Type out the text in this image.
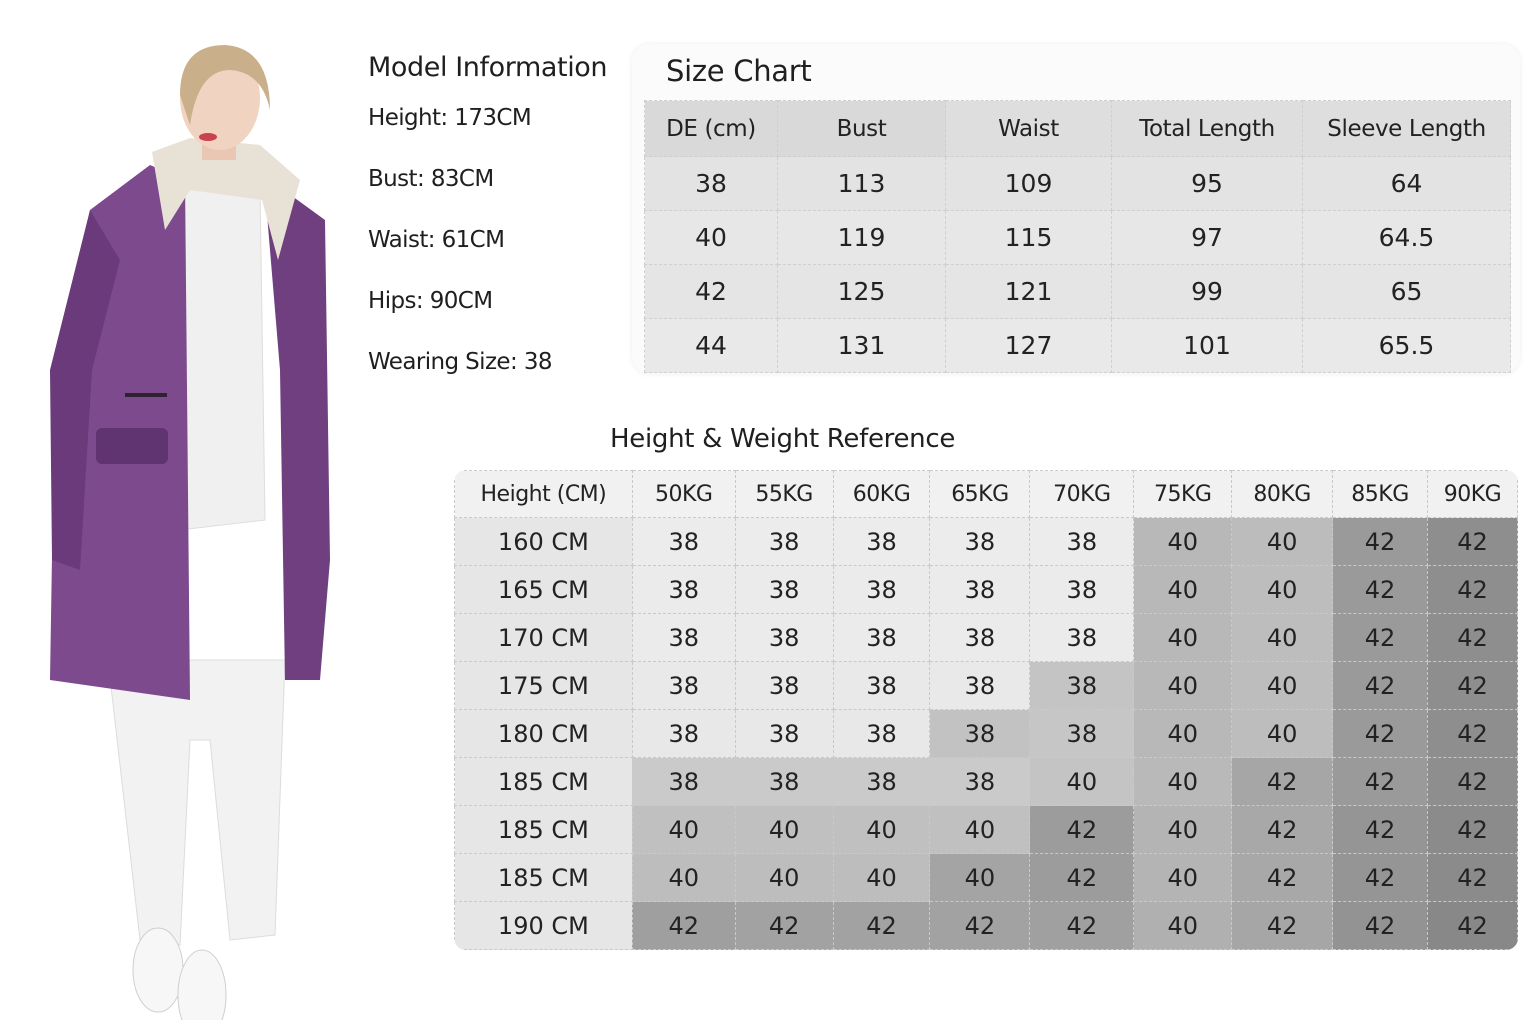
Model Information
Height: 173CM
Bust: 83CM
Waist: 61CM
Hips: 90CM
Wearing Size: 38
Size Chart
DE (cm)	Bust	Waist	Total Length	Sleeve Length
38	113	109	95	64
40	119	115	97	64.5
42	125	121	99	65
44	131	127	101	65.5
Height & Weight Reference
Height (CM)	50KG	55KG	60KG	65KG	70KG	75KG	80KG	85KG	90KG
160 CM	38	38	38	38	38	40	40	42	42
165 CM	38	38	38	38	38	40	40	42	42
170 CM	38	38	38	38	38	40	40	42	42
175 CM	38	38	38	38	38	40	40	42	42
180 CM	38	38	38	38	38	40	40	42	42
185 CM	38	38	38	38	40	40	42	42	42
185 CM	40	40	40	40	42	40	42	42	42
185 CM	40	40	40	40	42	40	42	42	42
190 CM	42	42	42	42	42	40	42	42	42
